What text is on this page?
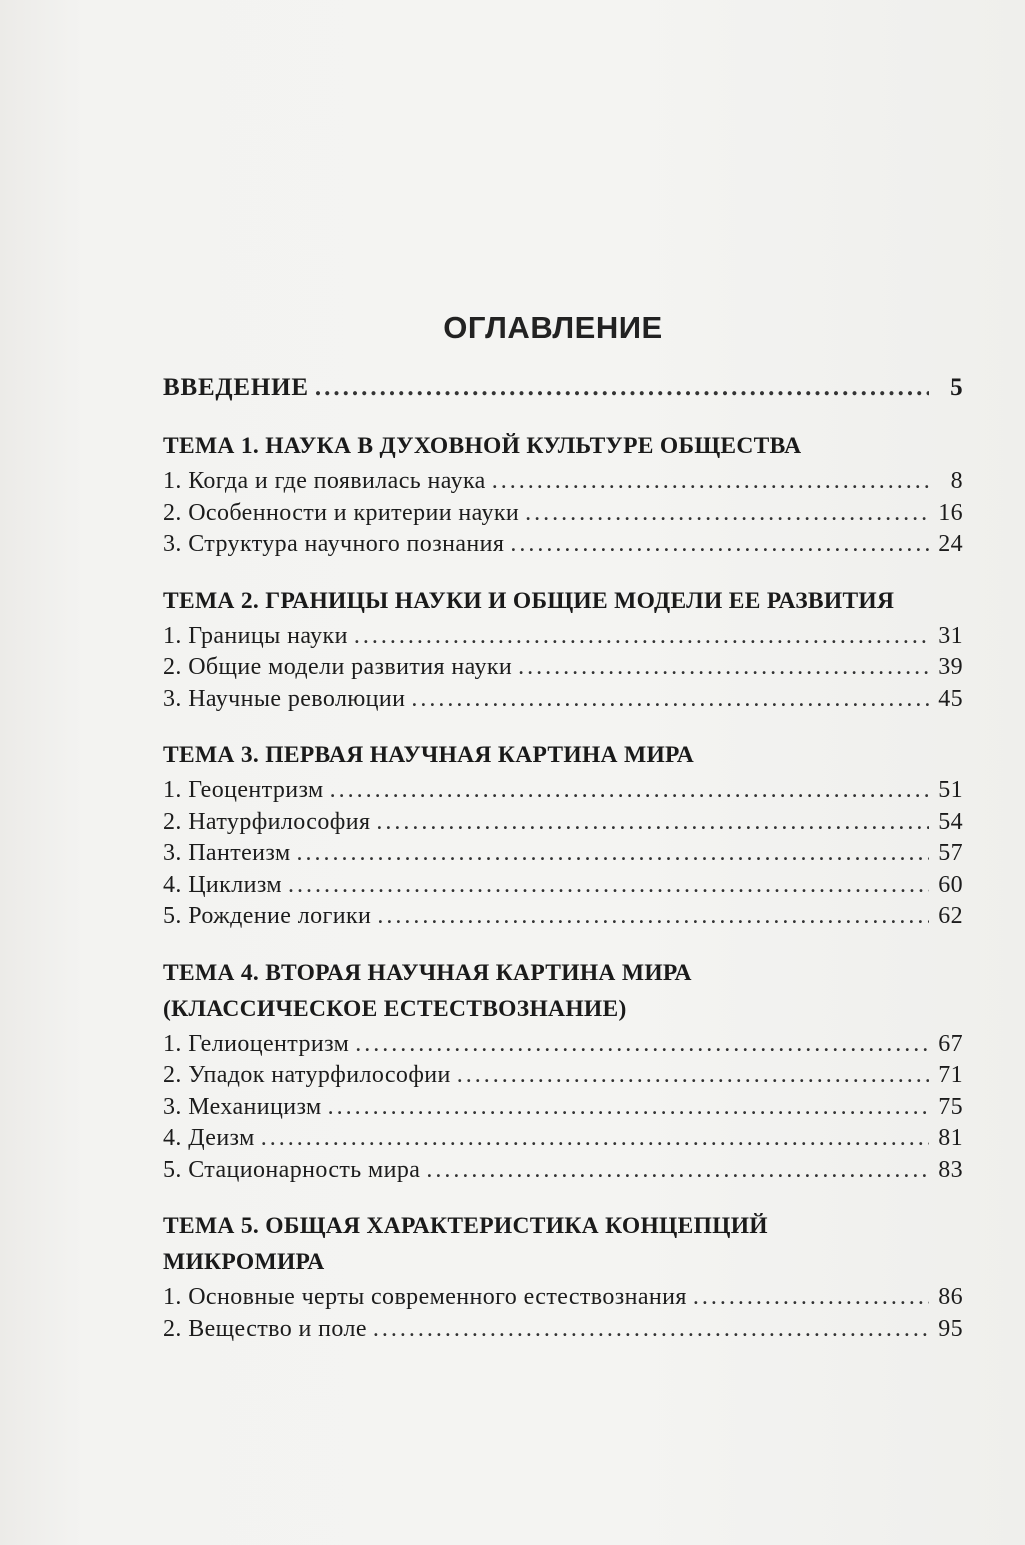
ОГЛАВЛЕНИЕ
ВВЕДЕНИЕ .....	5
ТЕМА 1. НАУКА В ДУХОВНОЙ КУЛЬТУРЕ ОБЩЕСТВА
1. Когда и где появилась наука .....	8
2. Особенности и критерии науки .....	16
3. Структура научного познания .....	24
ТЕМА 2. ГРАНИЦЫ НАУКИ И ОБЩИЕ МОДЕЛИ ЕЕ РАЗВИТИЯ
1. Границы науки .....	31
2. Общие модели развития науки .....	39
3. Научные революции .....	45
ТЕМА 3. ПЕРВАЯ НАУЧНАЯ КАРТИНА МИРА
1. Геоцентризм .....	51
2. Натурфилософия .....	54
3. Пантеизм .....	57
4. Циклизм .....	60
5. Рождение логики .....	62
ТЕМА 4. ВТОРАЯ НАУЧНАЯ КАРТИНА МИРА
(КЛАССИЧЕСКОЕ ЕСТЕСТВОЗНАНИЕ)
1. Гелиоцентризм .....	67
2. Упадок натурфилософии .....	71
3. Механицизм .....	75
4. Деизм .....	81
5. Стационарность мира .....	83
ТЕМА 5. ОБЩАЯ ХАРАКТЕРИСТИКА КОНЦЕПЦИЙ
МИКРОМИРА
1. Основные черты современного естествознания .....	86
2. Вещество и поле .....	95
